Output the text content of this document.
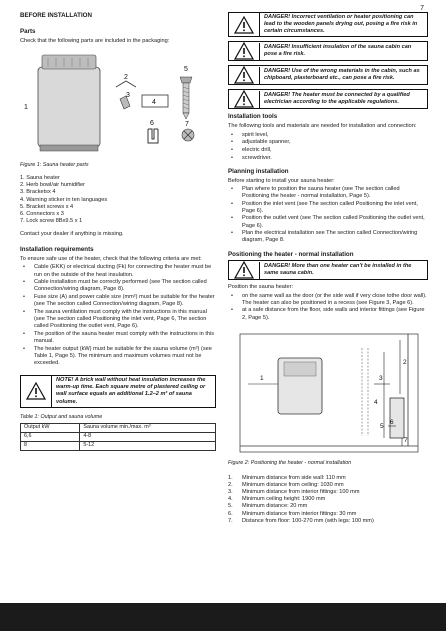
7
BEFORE INSTALLATION
Parts
Check that the following parts are included in the packaging:
1
2
3
4
5
6	7
Figure 1: Sauna heater parts
1. Sauna heater
2. Herb bowl/air humidifier
3. Bracketsx 4
4. Warning sticker in ten languages
5. Bracket screws x 4
6. Connectors x 3
7. Lock screw 8Bx9.5 x 1
Contact your dealer if anything is missing.
Installation requirements
To ensure safe use of the heater, check that the following criteria are met:
• Cable (EKK) or electrical ducting (Fk) for connecting the heater must be run on the outside of the heat insulation.
• Cable installation must be correctly performed (see The section called Connection/wiring diagram, Page 8).
• Fuse size (A) and power cable size (mm²) must be suitable for the heater (see The section called Connection/wiring diagram, Page 8).
• The sauna ventilation must comply with the instructions in this manual (see The section called Positioning the inlet vent, Page 6, The section called Positioning the outlet vent, Page 6).
• The position of the sauna heater must comply with the instructions in this manual.
• The heater output (kW) must be suitable for the sauna volume (m³) (see Table 1, Page 5). The minimum and maximum volumes must not be exceeded.
NOTE! A brick wall without heat insulation increases the warm-up time. Each square metre of plastered ceiling or wall surface equals an additional 1.2–2 m³ of sauna volume.
Table 1: Output and sauna volume
Output kW	Sauna volume min./max. m³
6,6	4-8
8	5-12
DANGER! Incorrect ventilation or heater positioning can lead to the wooden panels drying out, posing a fire risk in certain circumstances.
DANGER! Insufficient insulation of the sauna cabin can pose a fire risk.
DANGER! Use of the wrong materials in the cabin, such as chipboard, plasterboard etc., can pose a fire risk.
DANGER! The heater must be connected by a qualified electrician according to the applicable regulations.
Installation tools
The following tools and materials are needed for installation and connection:
• spirit level,
• adjustable spanner,
• electric drill,
• screwdriver.
Planning installation
Before starting to install your sauna heater:
• Plan where to position the sauna heater (see The section called Positioning the heater - normal installation, Page 5).
• Position the inlet vent (see The section called Positioning the inlet vent, Page 6).
• Position the outlet vent (see The section called Positioning the outlet vent, Page 6).
• Plan the electrical installation see The section called Connection/wiring diagram, Page 8.
Positioning the heater - normal installation
DANGER! More than one heater can't be installed in the same sauna cabin.
Position the sauna heater:
• on the same wall as the door (or the side wall if very close tothe door wall). The heater can also be positioned in a recess (see Figure 3, Page 6).
• at a safe distance from the floor, side walls and interior fittings (see Figure 2, Page 5).
1
2
3
4
5
6
7
Figure 2: Positioning the heater - normal installation
1.	Minimum distance from side wall: 110 mm
2.	Minimum distance from ceiling: 1030 mm
3.	Minimum distance from interior fittings: 100 mm
4.	Minimum ceiling height: 1900 mm
5.	Minimum distance: 20 mm
6.	Minimum distance from interior fittings: 30 mm
7.	Distance from floor: 100-270 mm (with legs: 100 mm)
